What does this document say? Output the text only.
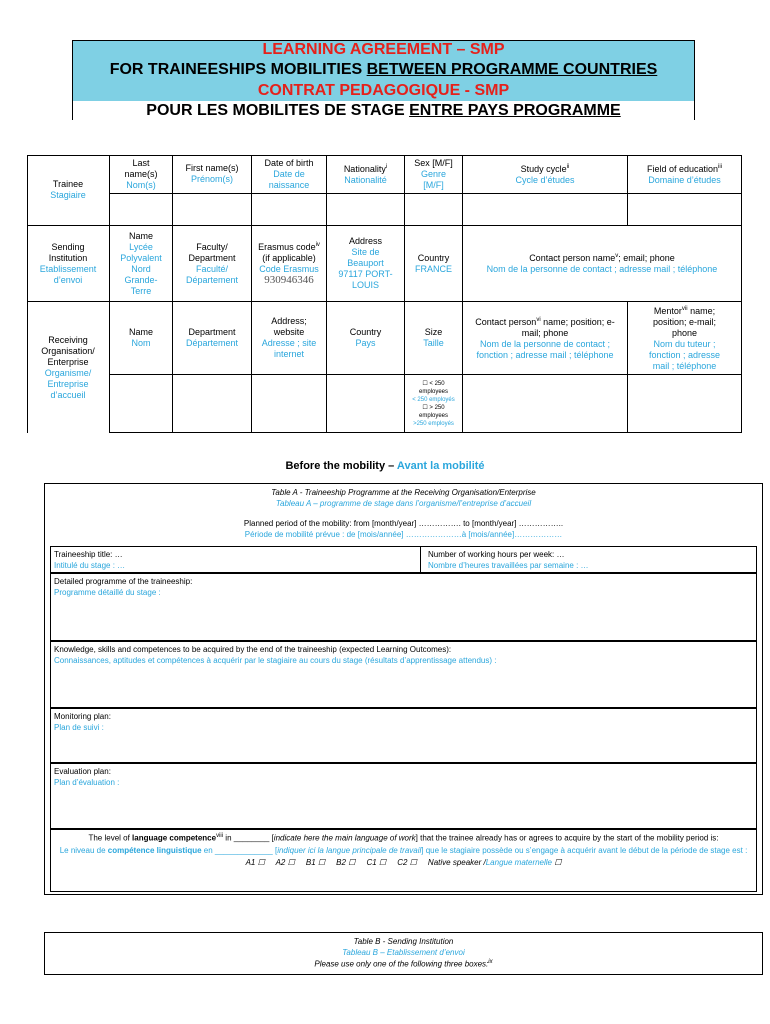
LEARNING AGREEMENT – SMP
FOR TRAINEESHIPS MOBILITIES BETWEEN PROGRAMME COUNTRIES
CONTRAT PEDAGOGIQUE - SMP
POUR LES MOBILITES DE STAGE ENTRE PAYS PROGRAMME
Trainee
Stagiaire
Last name(s)
Nom(s)
First name(s)
Prénom(s)
Date of birth
Date de naissance
Nationality$^i$
Nationalité
Sex [M/F]
Genre
[M/F]
Study cycle$^{ii}$
Cycle d’études
Field of education$^{iii}$
Domaine d’études
Sending Institution
Etablissement d’envoi
Name
Lycée Polyvalent Nord Grande-Terre
Faculty/ Department
Faculté/ Département
Erasmus code$^{iv}$
(if applicable)
Code Erasmus
930946346
Address
Site de Beauport 97117 PORT-LOUIS
Country
FRANCE
Contact person name$^v$; email; phone
Nom de la personne de contact ; adresse mail ; téléphone
Receiving Organisation/ Enterprise
Organisme/ Entreprise d’accueil
Name
Nom
Department
Département
Address; website
Adresse ; site internet
Country
Pays
Size
Taille
Contact person$^{vi}$ name; position; e-mail; phone
Nom de la personne de contact ; fonction ; adresse mail ; téléphone
Mentor$^{vii}$ name; position; e-mail; phone
Nom du tuteur ; fonction ; adresse mail ; téléphone
☐ < 250 employees
< 250 employés
☐ > 250 employees
>250 employés
Before the mobility – Avant la mobilité
Table A - Traineeship Programme at the Receiving Organisation/Enterprise
Tableau A – programme de stage dans l’organisme/l’entreprise d’accueil
Planned period of the mobility: from [month/year] ……………. to [month/year] ……………..
Période de mobilité prévue : de [mois/année] …………………à [mois/année]………………
Traineeship title: …
Intitulé du stage : …
Number of working hours per week: …
Nombre d’heures travaillées par semaine : …
Detailed programme of the traineeship:
Programme détaillé du stage :
Knowledge, skills and competences to be acquired by the end of the traineeship (expected Learning Outcomes):
Connaissances, aptitudes et compétences à acquérir par le stagiaire au cours du stage (résultats d’apprentissage attendus) :
Monitoring plan:
Plan de suivi :
Evaluation plan:
Plan d’évaluation :
The level of language competence$^{viii}$ in ________ [indicate here the main language of work] that the trainee already has or agrees to acquire by the start of the mobility period is:
Le niveau de compétence linguistique en _____________ [indiquer ici la langue principale de travail] que le stagiaire possède ou s’engage à acquérir avant le début de la période de stage est :
A1 ☐     A2 ☐     B1 ☐     B2 ☐     C1 ☐     C2 ☐     Native speaker /Langue maternelle ☐
Table B - Sending Institution
Tableau B – Etablissement d’envoi
Please use only one of the following three boxes:$^{ix}$
